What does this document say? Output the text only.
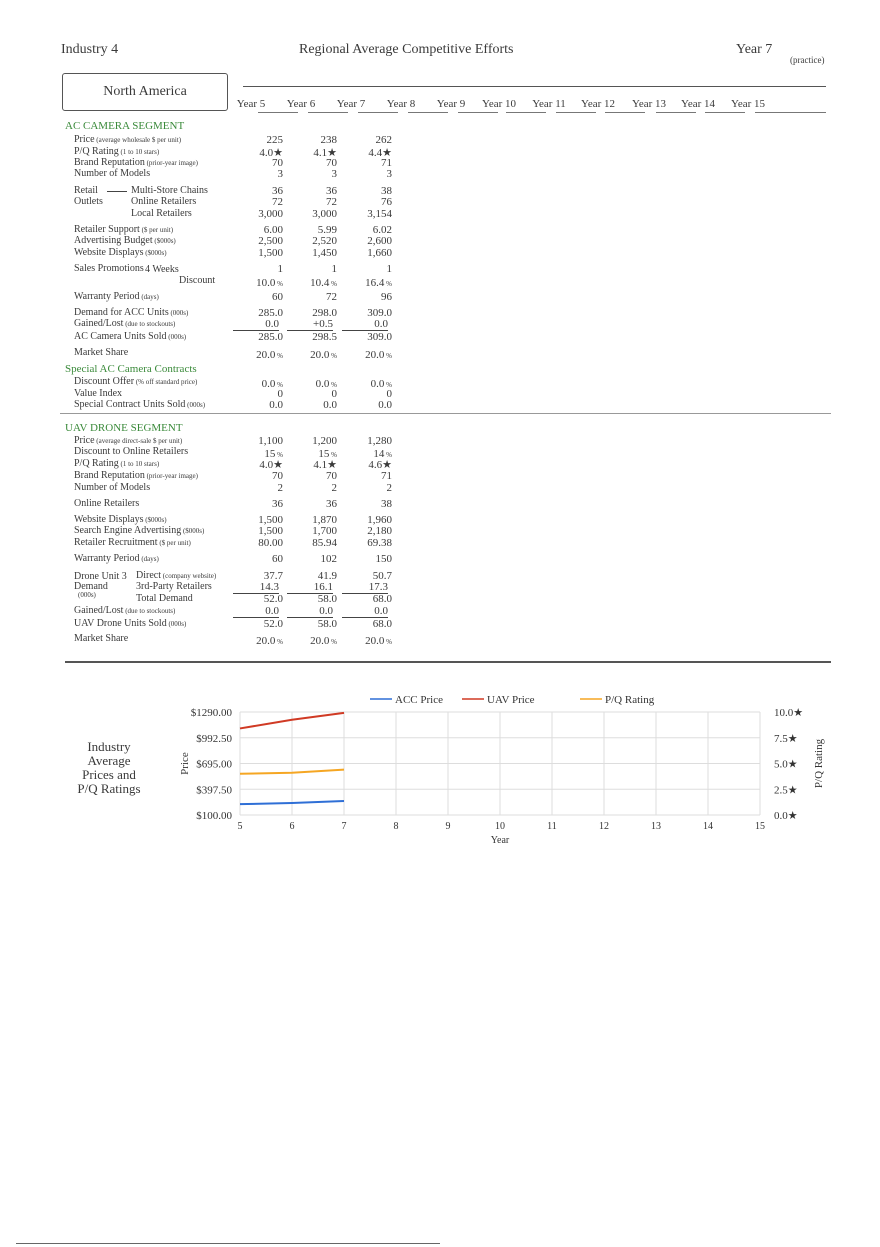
Industry 4	Regional Average Competitive Efforts	Year 7
(practice)
North America
AC CAMERA SEGMENT
Retail
Outlets
4 Weeks
Special AC Camera Contracts
UAV DRONE SEGMENT
Drone Unit 3
Demand
(000s)
Industry
Average
Prices and
P/Q Ratings
$1290.00
$992.50
$695.00
$397.50
$100.00
10.0★
7.5★
5.0★
2.5★
0.0★
5	6	7	8	9	10	11	12	13	14	15
Year
Price	P/Q Rating
ACC Price	UAV Price	P/Q Rating
Year 5	Year 6	Year 7	Year 8	Year 9	Year 10	Year 11	Year 12	Year 13	Year 14	Year 15
Price (average wholesale $ per unit)	225	238	262
P/Q Rating (1 to 10 stars)	4.0★	4.1★	4.4★
Brand Reputation (prior-year image)	70	70	71
Number of Models	3	3	3
Multi-Store Chains	36	36	38
Online Retailers	72	72	76
Local Retailers	3,000	3,000	3,154
Retailer Support ($ per unit)	6.00	5.99	6.02
Advertising Budget ($000s)	2,500	2,520	2,600
Website Displays ($000s)	1,500	1,450	1,660
Sales Promotions	1	1	1
Discount	10.0 %	10.4 %	16.4 %
Warranty Period (days)	60	72	96
Demand for ACC Units (000s)	285.0	298.0	309.0
Gained/Lost (due to stockouts)	0.0	+0.5	0.0
AC Camera Units Sold (000s)	285.0	298.5	309.0
Market Share	20.0 %	20.0 %	20.0 %
Discount Offer (% off standard price)	0.0 %	0.0 %	0.0 %
Value Index	0	0	0
Special Contract Units Sold (000s)	0.0	0.0	0.0
Price (average direct-sale $ per unit)	1,100	1,200	1,280
Discount to Online Retailers	15 %	15 %	14 %
P/Q Rating (1 to 10 stars)	4.0★	4.1★	4.6★
Brand Reputation (prior-year image)	70	70	71
Number of Models	2	2	2
Online Retailers	36	36	38
Website Displays ($000s)	1,500	1,870	1,960
Search Engine Advertising ($000s)	1,500	1,700	2,180
Retailer Recruitment ($ per unit)	80.00	85.94	69.38
Warranty Period (days)	60	102	150
Direct (company website)	37.7	41.9	50.7
3rd-Party Retailers	14.3	16.1	17.3
Total Demand	52.0	58.0	68.0
Gained/Lost (due to stockouts)	0.0	0.0	0.0
UAV Drone Units Sold (000s)	52.0	58.0	68.0
Market Share	20.0 %	20.0 %	20.0 %
